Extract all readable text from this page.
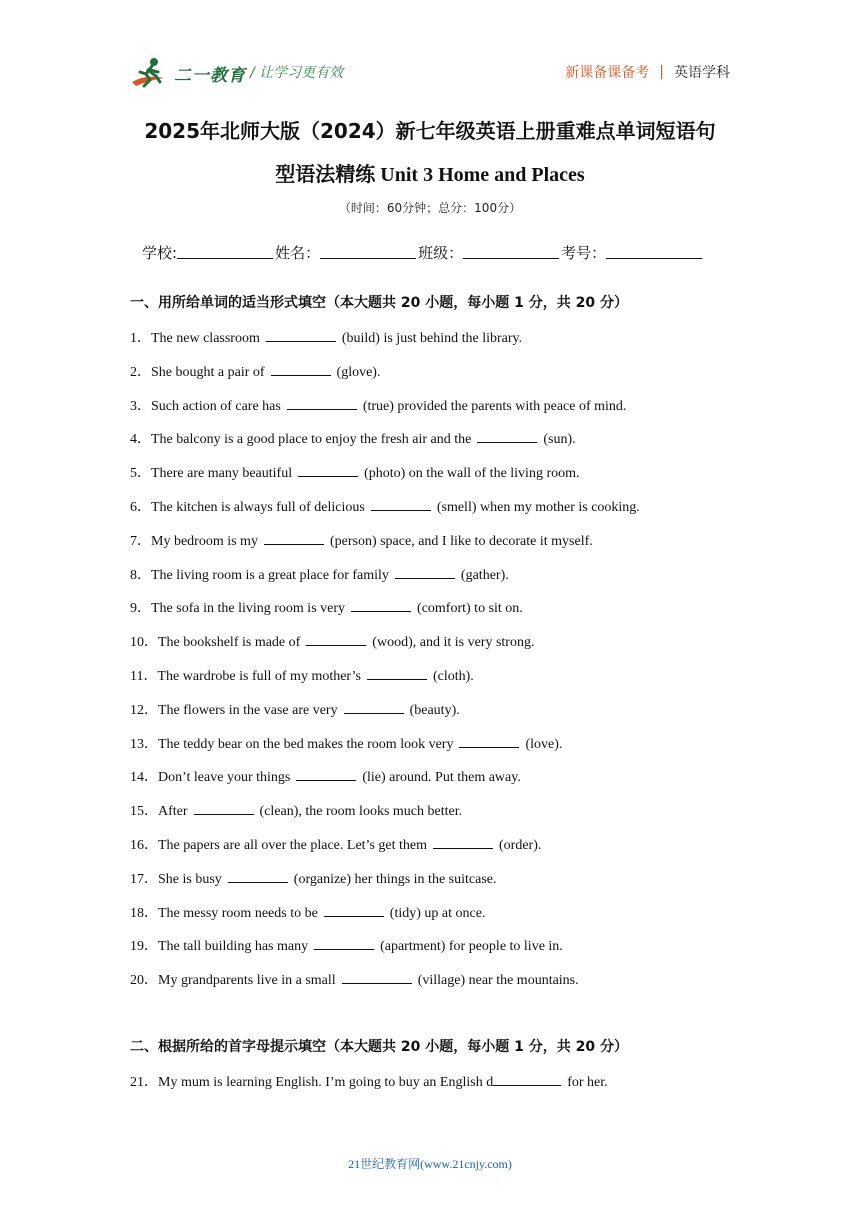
二一教育 / 让学习更有效	新课备课备考 | 英语学科
2025年北师大版（2024）新七年级英语上册重难点单词短语句
型语法精练 Unit 3 Home and Places
（时间：60分钟；总分：100分）
学校:	姓名：	班级：	考号：
一、用所给单词的适当形式填空（本大题共 20 小题，每小题 1 分，共 20 分）
1．The new classroom	(build) is just behind the library.
2．She bought a pair of	(glove).
3．Such action of care has	(true) provided the parents with peace of mind.
4．The balcony is a good place to enjoy the fresh air and the	(sun).
5．There are many beautiful	(photo) on the wall of the living room.
6．The kitchen is always full of delicious	(smell) when my mother is cooking.
7．My bedroom is my	(person) space, and I like to decorate it myself.
8．The living room is a great place for family	(gather).
9．The sofa in the living room is very	(comfort) to sit on.
10．The bookshelf is made of	(wood), and it is very strong.
11．The wardrobe is full of my mother’s	(cloth).
12．The flowers in the vase are very	(beauty).
13．The teddy bear on the bed makes the room look very	(love).
14．Don’t leave your things	(lie) around. Put them away.
15．After	(clean), the room looks much better.
16．The papers are all over the place. Let’s get them	(order).
17．She is busy	(organize) her things in the suitcase.
18．The messy room needs to be	(tidy) up at once.
19．The tall building has many	(apartment) for people to live in.
20．My grandparents live in a small	(village) near the mountains.
二、根据所给的首字母提示填空（本大题共 20 小题，每小题 1 分，共 20 分）
21．My mum is learning English. I’m going to buy an English d	for her.
21世纪教育网(www.21cnjy.com)
